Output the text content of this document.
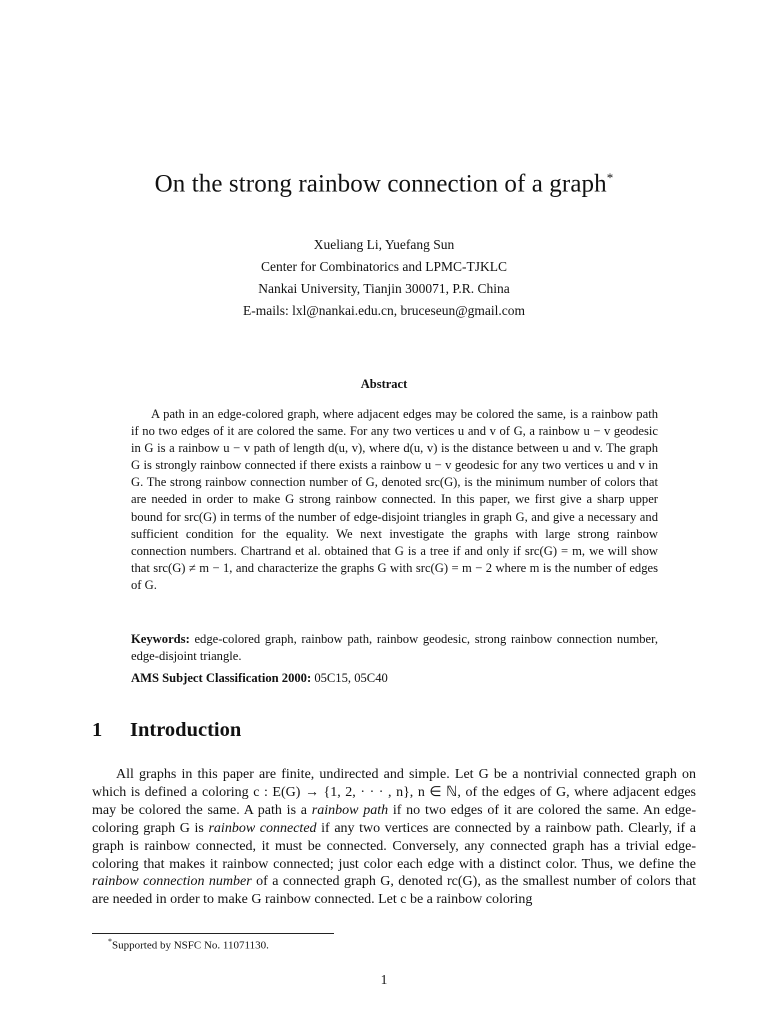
On the strong rainbow connection of a graph*
Xueliang Li, Yuefang Sun
Center for Combinatorics and LPMC-TJKLC
Nankai University, Tianjin 300071, P.R. China
E-mails: lxl@nankai.edu.cn, bruceseun@gmail.com
Abstract
A path in an edge-colored graph, where adjacent edges may be colored the same, is a rainbow path if no two edges of it are colored the same. For any two vertices u and v of G, a rainbow u − v geodesic in G is a rainbow u − v path of length d(u, v), where d(u, v) is the distance between u and v. The graph G is strongly rainbow connected if there exists a rainbow u − v geodesic for any two vertices u and v in G. The strong rainbow connection number of G, denoted src(G), is the minimum number of colors that are needed in order to make G strong rainbow connected. In this paper, we first give a sharp upper bound for src(G) in terms of the number of edge-disjoint triangles in graph G, and give a necessary and sufficient condition for the equality. We next investigate the graphs with large strong rainbow connection numbers. Chartrand et al. obtained that G is a tree if and only if src(G) = m, we will show that src(G) ≠ m − 1, and characterize the graphs G with src(G) = m − 2 where m is the number of edges of G.
Keywords: edge-colored graph, rainbow path, rainbow geodesic, strong rainbow connection number, edge-disjoint triangle.
AMS Subject Classification 2000: 05C15, 05C40
1 Introduction
All graphs in this paper are finite, undirected and simple. Let G be a nontrivial connected graph on which is defined a coloring c : E(G) → {1, 2, · · · , n}, n ∈ ℕ, of the edges of G, where adjacent edges may be colored the same. A path is a rainbow path if no two edges of it are colored the same. An edge-coloring graph G is rainbow connected if any two vertices are connected by a rainbow path. Clearly, if a graph is rainbow connected, it must be connected. Conversely, any connected graph has a trivial edge-coloring that makes it rainbow connected; just color each edge with a distinct color. Thus, we define the rainbow connection number of a connected graph G, denoted rc(G), as the smallest number of colors that are needed in order to make G rainbow connected. Let c be a rainbow coloring
*Supported by NSFC No. 11071130.
1
